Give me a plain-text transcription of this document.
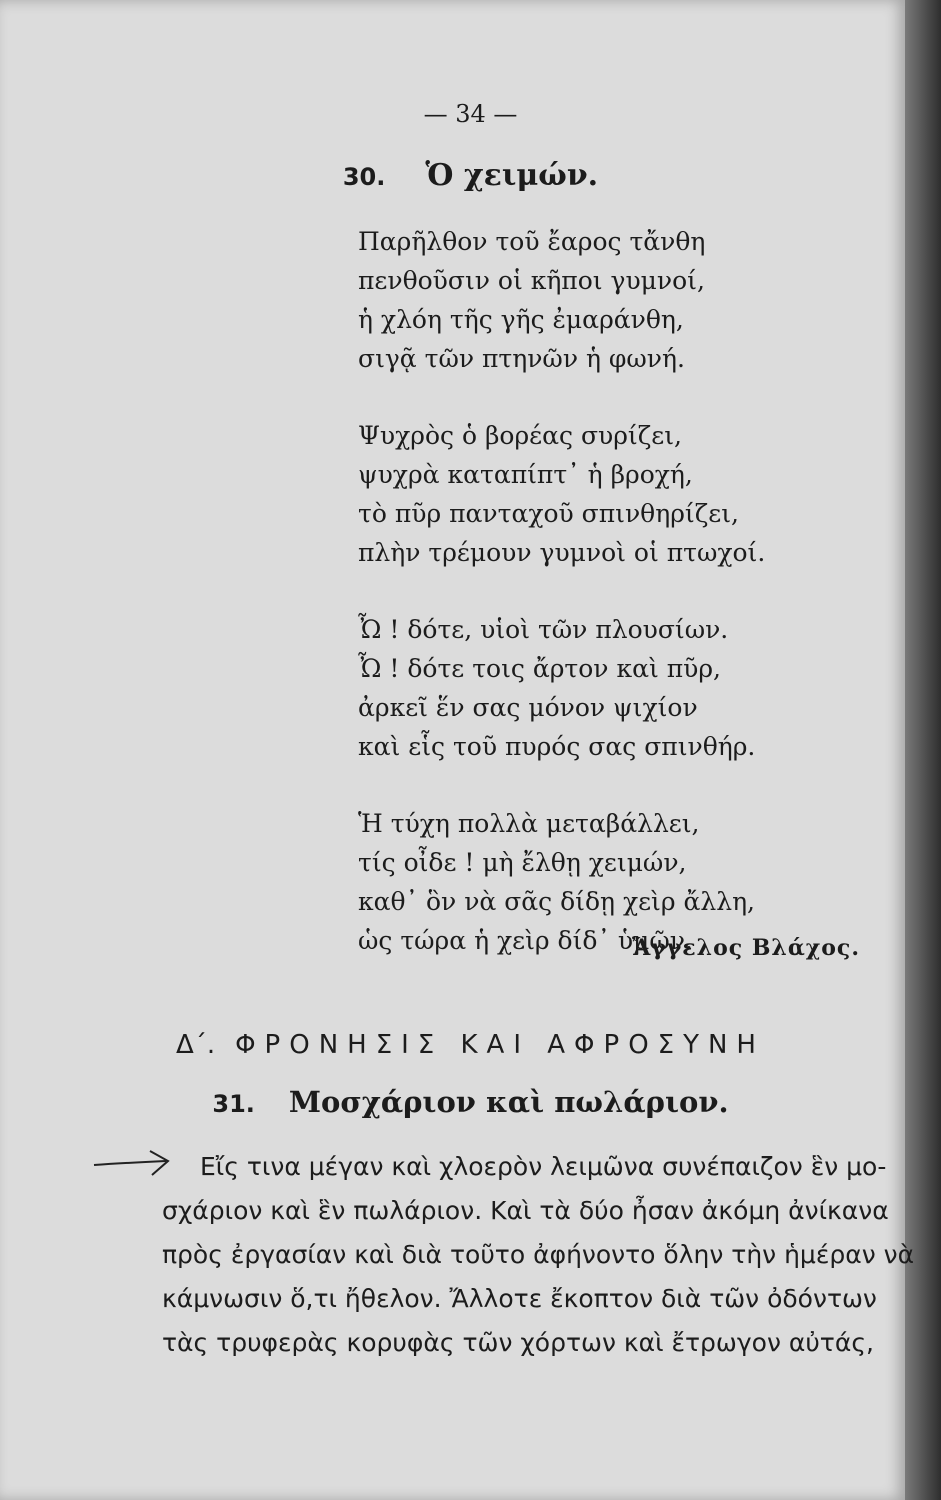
— 34 —
30. Ὁ χειμών.
Παρῆλθον τοῦ ἔαρος τἄνθη
πενθοῦσιν οἱ κῆποι γυμνοί,
ἡ χλόη τῆς γῆς ἐμαράνθη,
σιγᾷ τῶν πτηνῶν ἡ φωνή.
Ψυχρὸς ὁ βορέας συρίζει,
ψυχρὰ καταπίπτ᾽ ἡ βροχή,
τὸ πῦρ πανταχοῦ σπινθηρίζει,
πλὴν τρέμουν γυμνοὶ οἱ πτωχοί.
Ὦ ! δότε, υἱοὶ τῶν πλουσίων.
Ὦ ! δότε τοις ἄρτον καὶ πῦρ,
ἀρκεῖ ἕν σας μόνον ψιχίον
καὶ εἷς τοῦ πυρός σας σπινθήρ.
Ἡ τύχη πολλὰ μεταβάλλει,
τίς οἶδε ! μὴ ἔλθῃ χειμών,
καθ᾽ ὃν νὰ σᾶς δίδῃ χεὶρ ἄλλη,
ὡς τώρα ἡ χεὶρ δίδ᾽ ὑμῶν.
Ἄγγελος Βλάχος.
Δ΄. ΦΡΟΝΗΣΙΣ ΚΑΙ ΑΦΡΟΣΥΝΗ
31. Μοσχάριον καὶ πωλάριον.
Εἴς τινα μέγαν καὶ χλοερὸν λειμῶνα συνέπαιζον ἓν μο-
σχάριον καὶ ἓν πωλάριον. Καὶ τὰ δύο ἦσαν ἀκόμη ἀνίκανα
πρὸς ἐργασίαν καὶ διὰ τοῦτο ἀφήνοντο ὅλην τὴν ἡμέραν νὰ
κάμνωσιν ὅ,τι ἤθελον. Ἄλλοτε ἔκοπτον διὰ τῶν ὀδόντων
τὰς τρυφερὰς κορυφὰς τῶν χόρτων καὶ ἔτρωγον αὐτάς,
